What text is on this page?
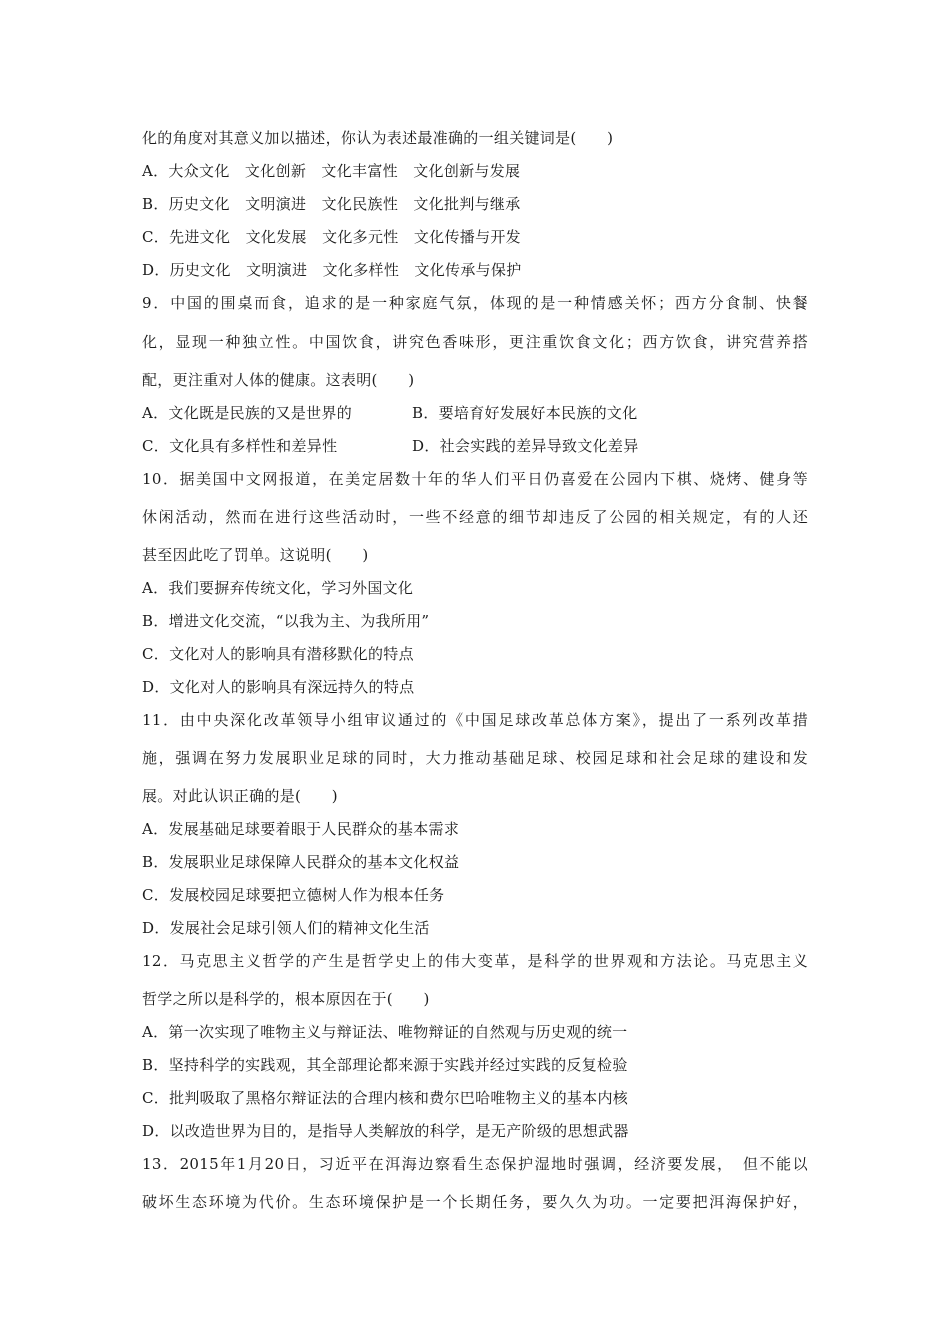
化的角度对其意义加以描述，你认为表述最准确的一组关键词是(　　)
A．大众文化　文化创新　文化丰富性　文化创新与发展
B．历史文化　文明演进　文化民族性　文化批判与继承
C．先进文化　文化发展　文化多元性　文化传播与开发
D．历史文化　文明演进　文化多样性　文化传承与保护
9．中国的围桌而食，追求的是一种家庭气氛，体现的是一种情感关怀；西方分食制、快餐
化，显现一种独立性。中国饮食，讲究色香味形，更注重饮食文化；西方饮食，讲究营养搭
配，更注重对人体的健康。这表明(　　)
A．文化既是民族的又是世界的	B．要培育好发展好本民族的文化
C．文化具有多样性和差异性	D．社会实践的差异导致文化差异
10．据美国中文网报道，在美定居数十年的华人们平日仍喜爱在公园内下棋、烧烤、健身等
休闲活动，然而在进行这些活动时，一些不经意的细节却违反了公园的相关规定，有的人还
甚至因此吃了罚单。这说明(　　)
A．我们要摒弃传统文化，学习外国文化
B．增进文化交流，“以我为主、为我所用”
C．文化对人的影响具有潜移默化的特点
D．文化对人的影响具有深远持久的特点
11．由中央深化改革领导小组审议通过的《中国足球改革总体方案》，提出了一系列改革措
施，强调在努力发展职业足球的同时，大力推动基础足球、校园足球和社会足球的建设和发
展。对此认识正确的是(　　)
A．发展基础足球要着眼于人民群众的基本需求
B．发展职业足球保障人民群众的基本文化权益
C．发展校园足球要把立德树人作为根本任务
D．发展社会足球引领人们的精神文化生活
12．马克思主义哲学的产生是哲学史上的伟大变革，是科学的世界观和方法论。马克思主义
哲学之所以是科学的，根本原因在于(　　)
A．第一次实现了唯物主义与辩证法、唯物辩证的自然观与历史观的统一
B．坚持科学的实践观，其全部理论都来源于实践并经过实践的反复检验
C．批判吸取了黑格尔辩证法的合理内核和费尔巴哈唯物主义的基本内核
D．以改造世界为目的，是指导人类解放的科学，是无产阶级的思想武器
13．2015年1月20日，习近平在洱海边察看生态保护湿地时强调，经济要发展，　但不能以
破坏生态环境为代价。生态环境保护是一个长期任务，要久久为功。一定要把洱海保护好，
